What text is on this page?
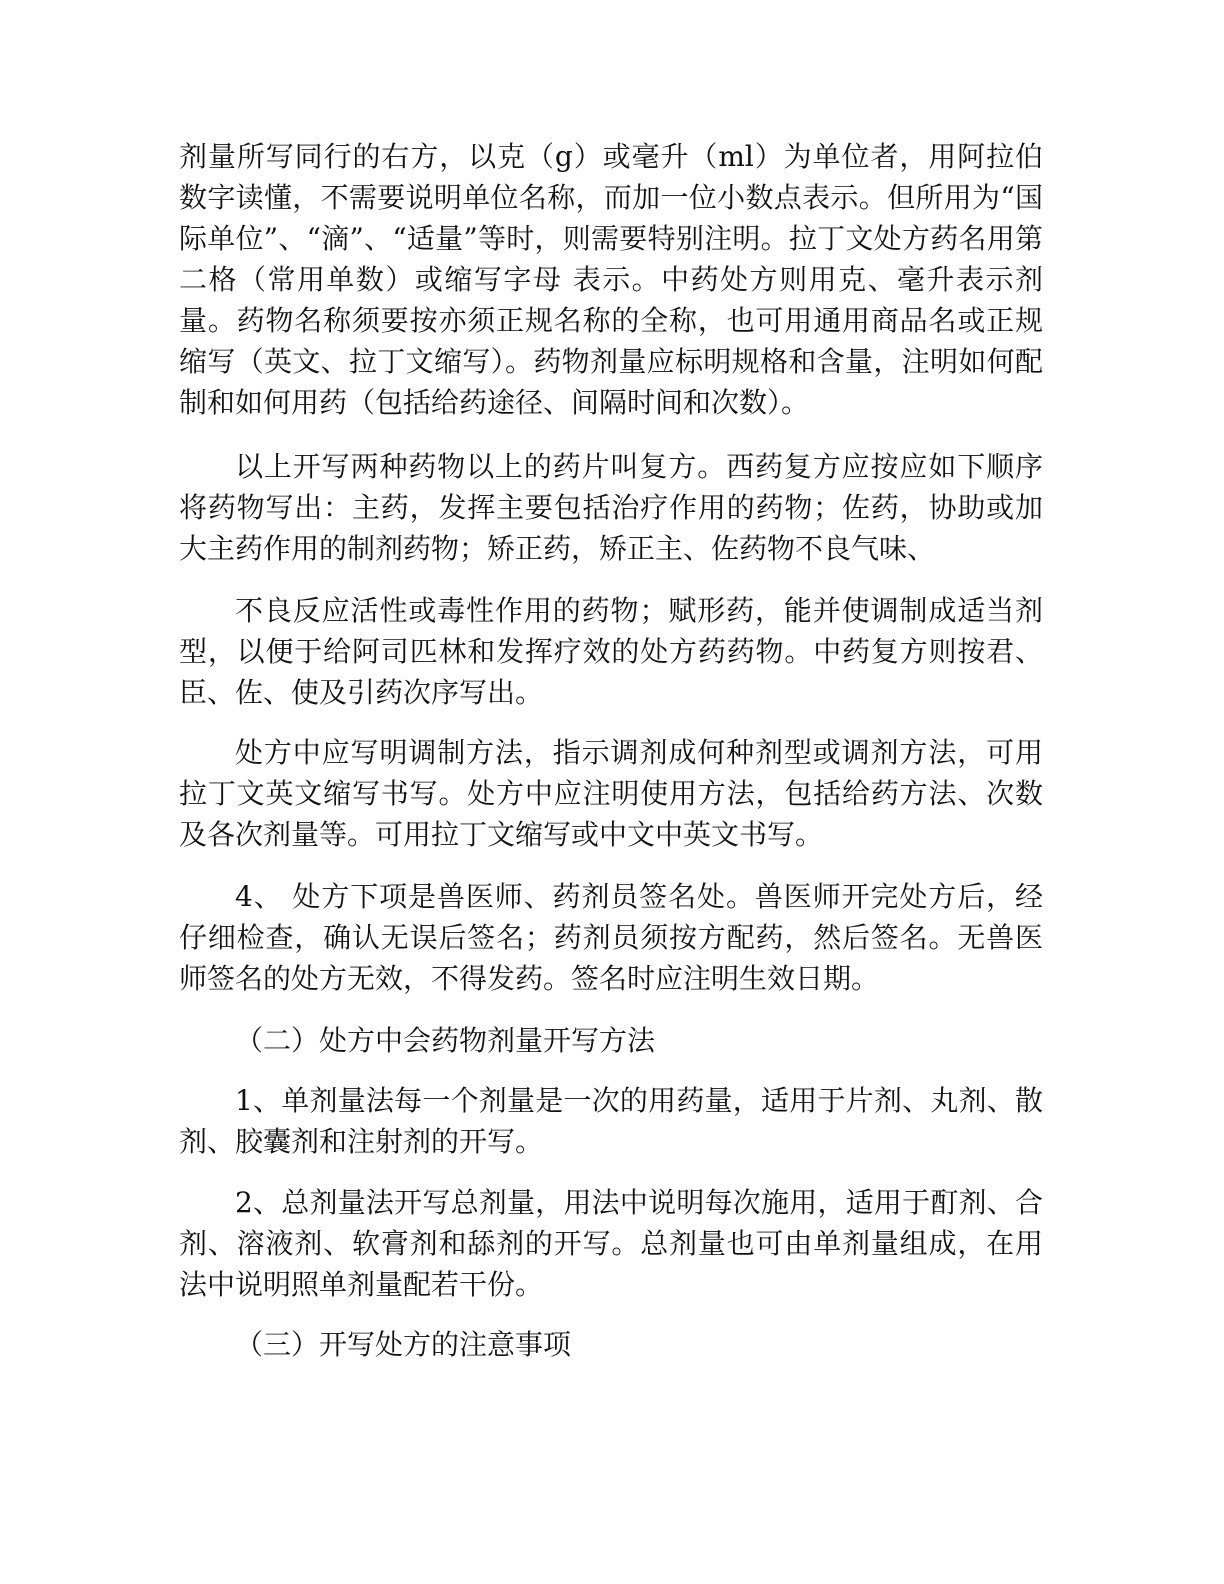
剂量所写同行的右方，以克（g）或毫升（ml）为单位者，用阿拉伯数字读懂，不需要说明单位名称，而加一位小数点表示。但所用为“国际单位”、“滴”、“适量”等时，则需要特别注明。拉丁文处方药名用第二格（常用单数）或缩写字母 表示。中药处方则用克、毫升表示剂量。药物名称须要按亦须正规名称的全称，也可用通用商品名或正规缩写（英文、拉丁文缩写）。药物剂量应标明规格和含量，注明如何配制和如何用药（包括给药途径、间隔时间和次数）。

以上开写两种药物以上的药片叫复方。西药复方应按应如下顺序将药物写出：主药，发挥主要包括治疗作用的药物；佐药，协助或加大主药作用的制剂药物；矫正药，矫正主、佐药物不良气味、

不良反应活性或毒性作用的药物；赋形药，能并使调制成适当剂型，以便于给阿司匹林和发挥疗效的处方药药物。中药复方则按君、臣、佐、使及引药次序写出。

处方中应写明调制方法，指示调剂成何种剂型或调剂方法，可用拉丁文英文缩写书写。处方中应注明使用方法，包括给药方法、次数及各次剂量等。可用拉丁文缩写或中文中英文书写。

4、 处方下项是兽医师、药剂员签名处。兽医师开完处方后，经仔细检查，确认无误后签名；药剂员须按方配药，然后签名。无兽医师签名的处方无效，不得发药。签名时应注明生效日期。

（二）处方中会药物剂量开写方法

1、单剂量法每一个剂量是一次的用药量，适用于片剂、丸剂、散剂、胶囊剂和注射剂的开写。

2、总剂量法开写总剂量，用法中说明每次施用，适用于酊剂、合剂、溶液剂、软膏剂和舔剂的开写。总剂量也可由单剂量组成，在用法中说明照单剂量配若干份。

（三）开写处方的注意事项
